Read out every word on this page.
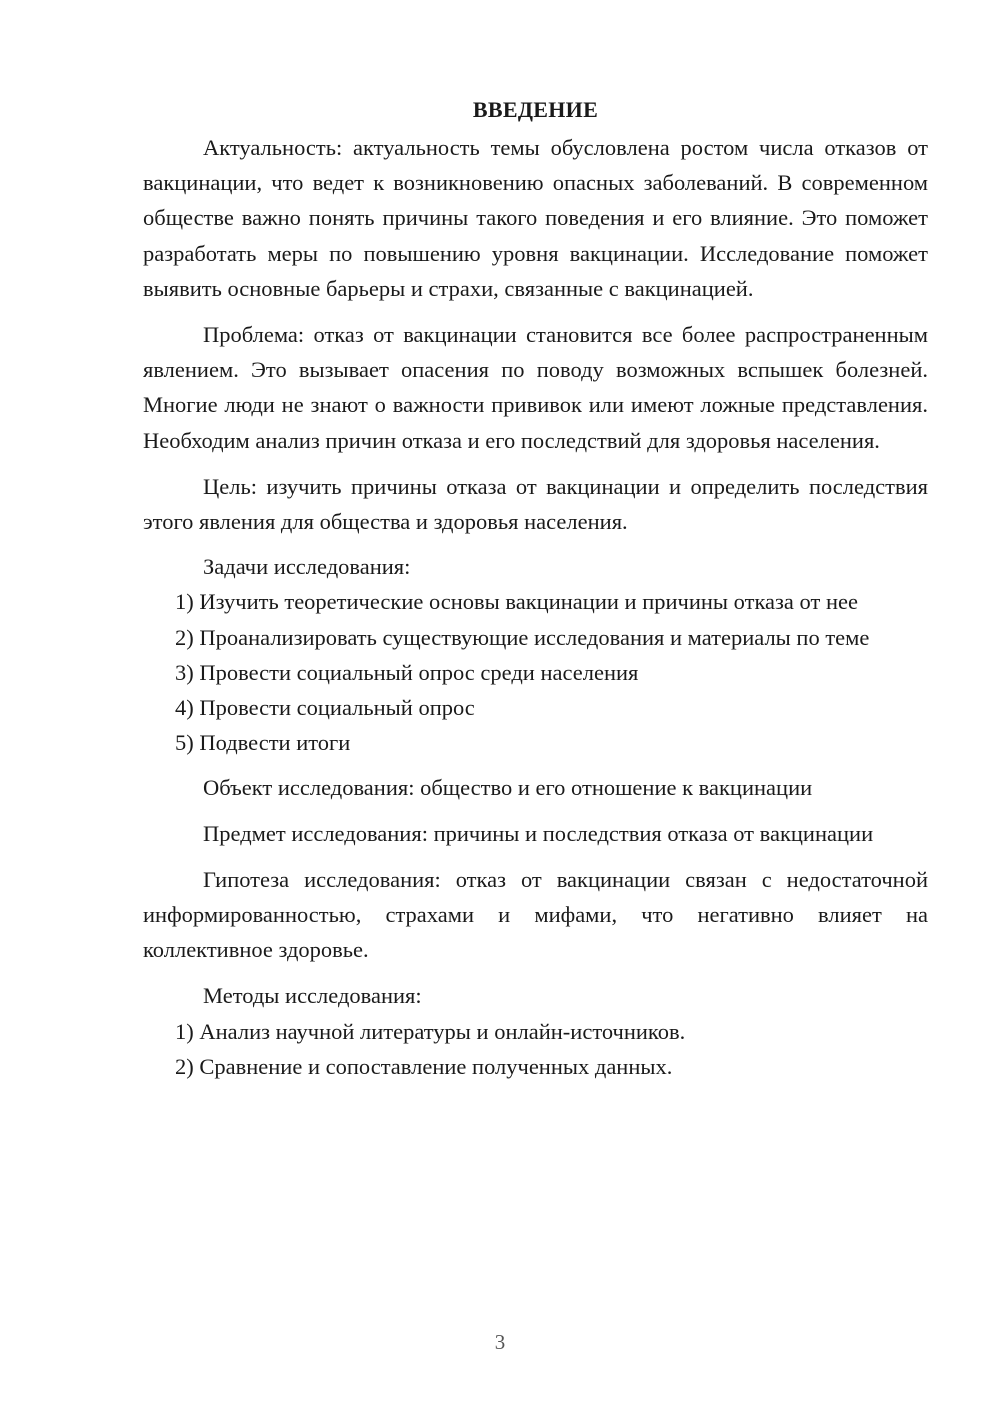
ВВЕДЕНИЕ

Актуальность: актуальность темы обусловлена ростом числа отказов от вакцинации, что ведет к возникновению опасных заболеваний. В современном обществе важно понять причины такого поведения и его влияние. Это поможет разработать меры по повышению уровня вакцинации. Исследование поможет выявить основные барьеры и страхи, связанные с вакцинацией.

Проблема: отказ от вакцинации становится все более распространенным явлением. Это вызывает опасения по поводу возможных вспышек болезней. Многие люди не знают о важности прививок или имеют ложные представления. Необходим анализ причин отказа и его последствий для здоровья населения.

Цель: изучить причины отказа от вакцинации и определить последствия этого явления для общества и здоровья населения.

Задачи исследования:

1) Изучить теоретические основы вакцинации и причины отказа от нее

2) Проанализировать существующие исследования и материалы по теме

3) Провести социальный опрос среди населения

4) Провести социальный опрос

5) Подвести итоги

Объект исследования: общество и его отношение к вакцинации

Предмет исследования: причины и последствия отказа от вакцинации

Гипотеза исследования: отказ от вакцинации связан с недостаточной информированностью, страхами и мифами, что негативно влияет на коллективное здоровье.

Методы исследования:

1) Анализ научной литературы и онлайн-источников.

2) Сравнение и сопоставление полученных данных.

3
